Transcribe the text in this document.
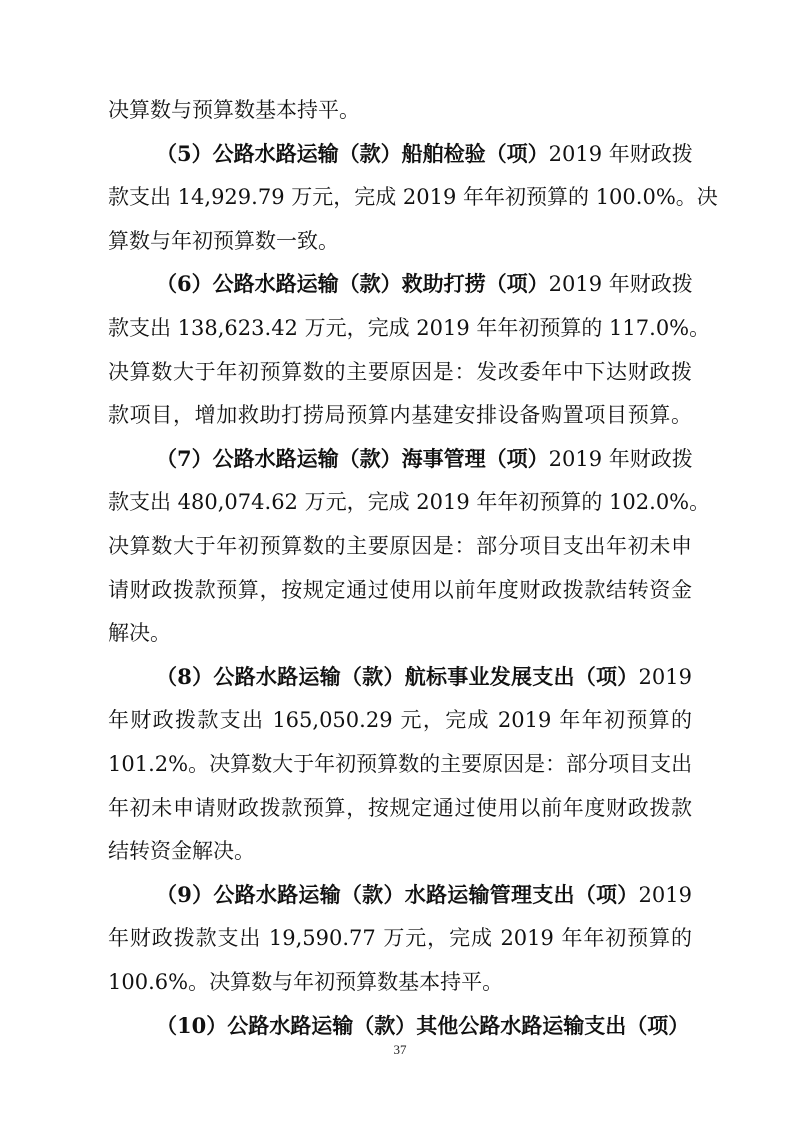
决算数与预算数基本持平。
（5）公路水路运输（款）船舶检验（项）2019 年财政拨
款支出 14,929.79 万元，完成 2019 年年初预算的 100.0%。决
算数与年初预算数一致。
（6）公路水路运输（款）救助打捞（项）2019 年财政拨
款支出 138,623.42 万元，完成 2019 年年初预算的 117.0%。
决算数大于年初预算数的主要原因是：发改委年中下达财政拨
款项目，增加救助打捞局预算内基建安排设备购置项目预算。
（7）公路水路运输（款）海事管理（项）2019 年财政拨
款支出 480,074.62 万元，完成 2019 年年初预算的 102.0%。
决算数大于年初预算数的主要原因是：部分项目支出年初未申
请财政拨款预算，按规定通过使用以前年度财政拨款结转资金
解决。
（8）公路水路运输（款）航标事业发展支出（项）2019
年财政拨款支出 165,050.29 元，完成 2019 年年初预算的
101.2%。决算数大于年初预算数的主要原因是：部分项目支出
年初未申请财政拨款预算，按规定通过使用以前年度财政拨款
结转资金解决。
（9）公路水路运输（款）水路运输管理支出（项）2019
年财政拨款支出 19,590.77 万元，完成 2019 年年初预算的
100.6%。决算数与年初预算数基本持平。
（10）公路水路运输（款）其他公路水路运输支出（项）
37
